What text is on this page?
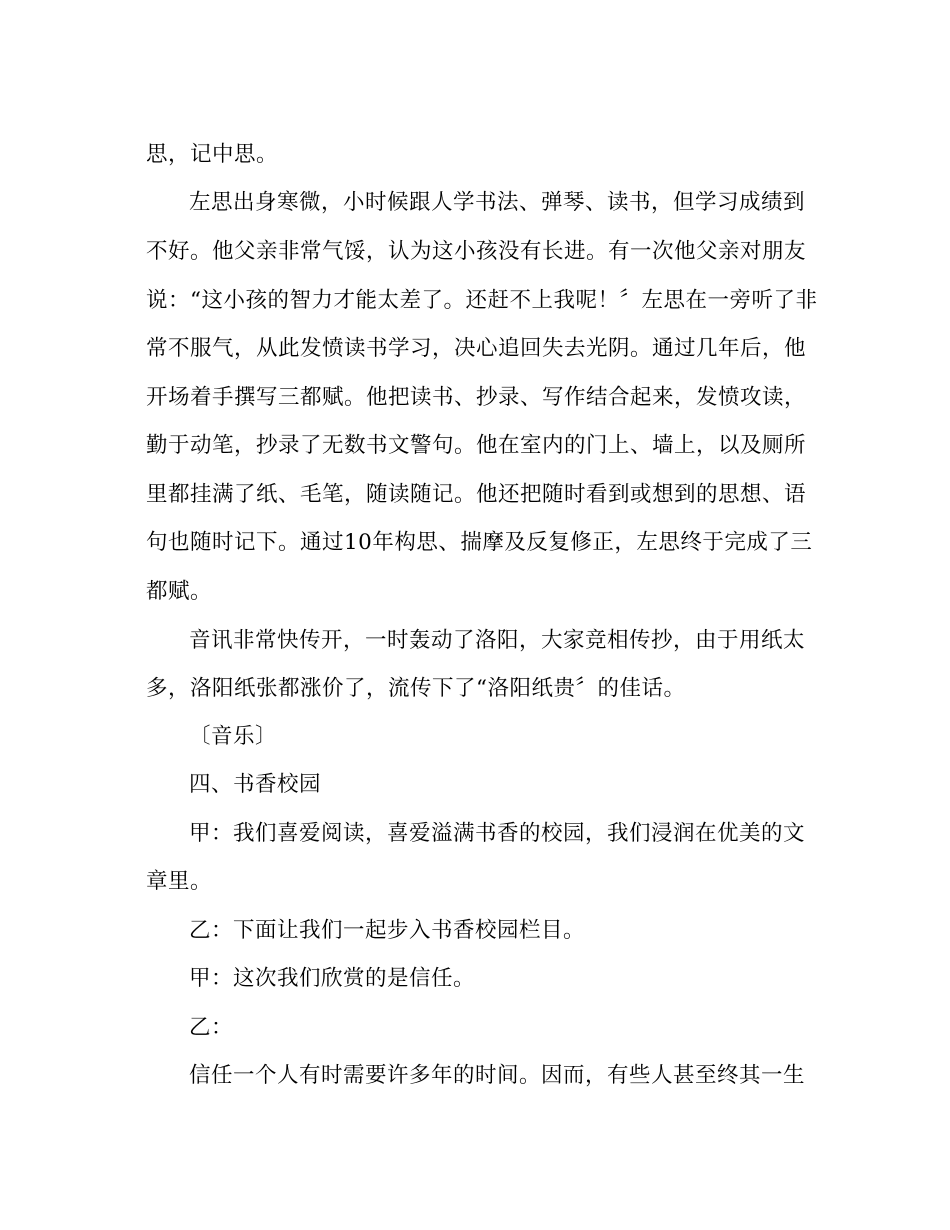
思，记中思。
左思出身寒微，小时候跟人学书法、弹琴、读书，但学习成绩到
不好。他父亲非常气馁，认为这小孩没有长进。有一次他父亲对朋友
说：“这小孩的智力才能太差了。还赶不上我呢！〞左思在一旁听了非
常不服气，从此发愤读书学习，决心追回失去光阴。通过几年后，他
开场着手撰写三都赋。他把读书、抄录、写作结合起来，发愤攻读，
勤于动笔，抄录了无数书文警句。他在室内的门上、墙上，以及厕所
里都挂满了纸、毛笔，随读随记。他还把随时看到或想到的思想、语
句也随时记下。通过10年构思、揣摩及反复修正，左思终于完成了三
都赋。
音讯非常快传开，一时轰动了洛阳，大家竞相传抄，由于用纸太
多，洛阳纸张都涨价了，流传下了“洛阳纸贵〞的佳话。
〔音乐〕
四、书香校园
甲：我们喜爱阅读，喜爱溢满书香的校园，我们浸润在优美的文
章里。
乙：下面让我们一起步入书香校园栏目。
甲：这次我们欣赏的是信任。
乙：
信任一个人有时需要许多年的时间。因而，有些人甚至终其一生
